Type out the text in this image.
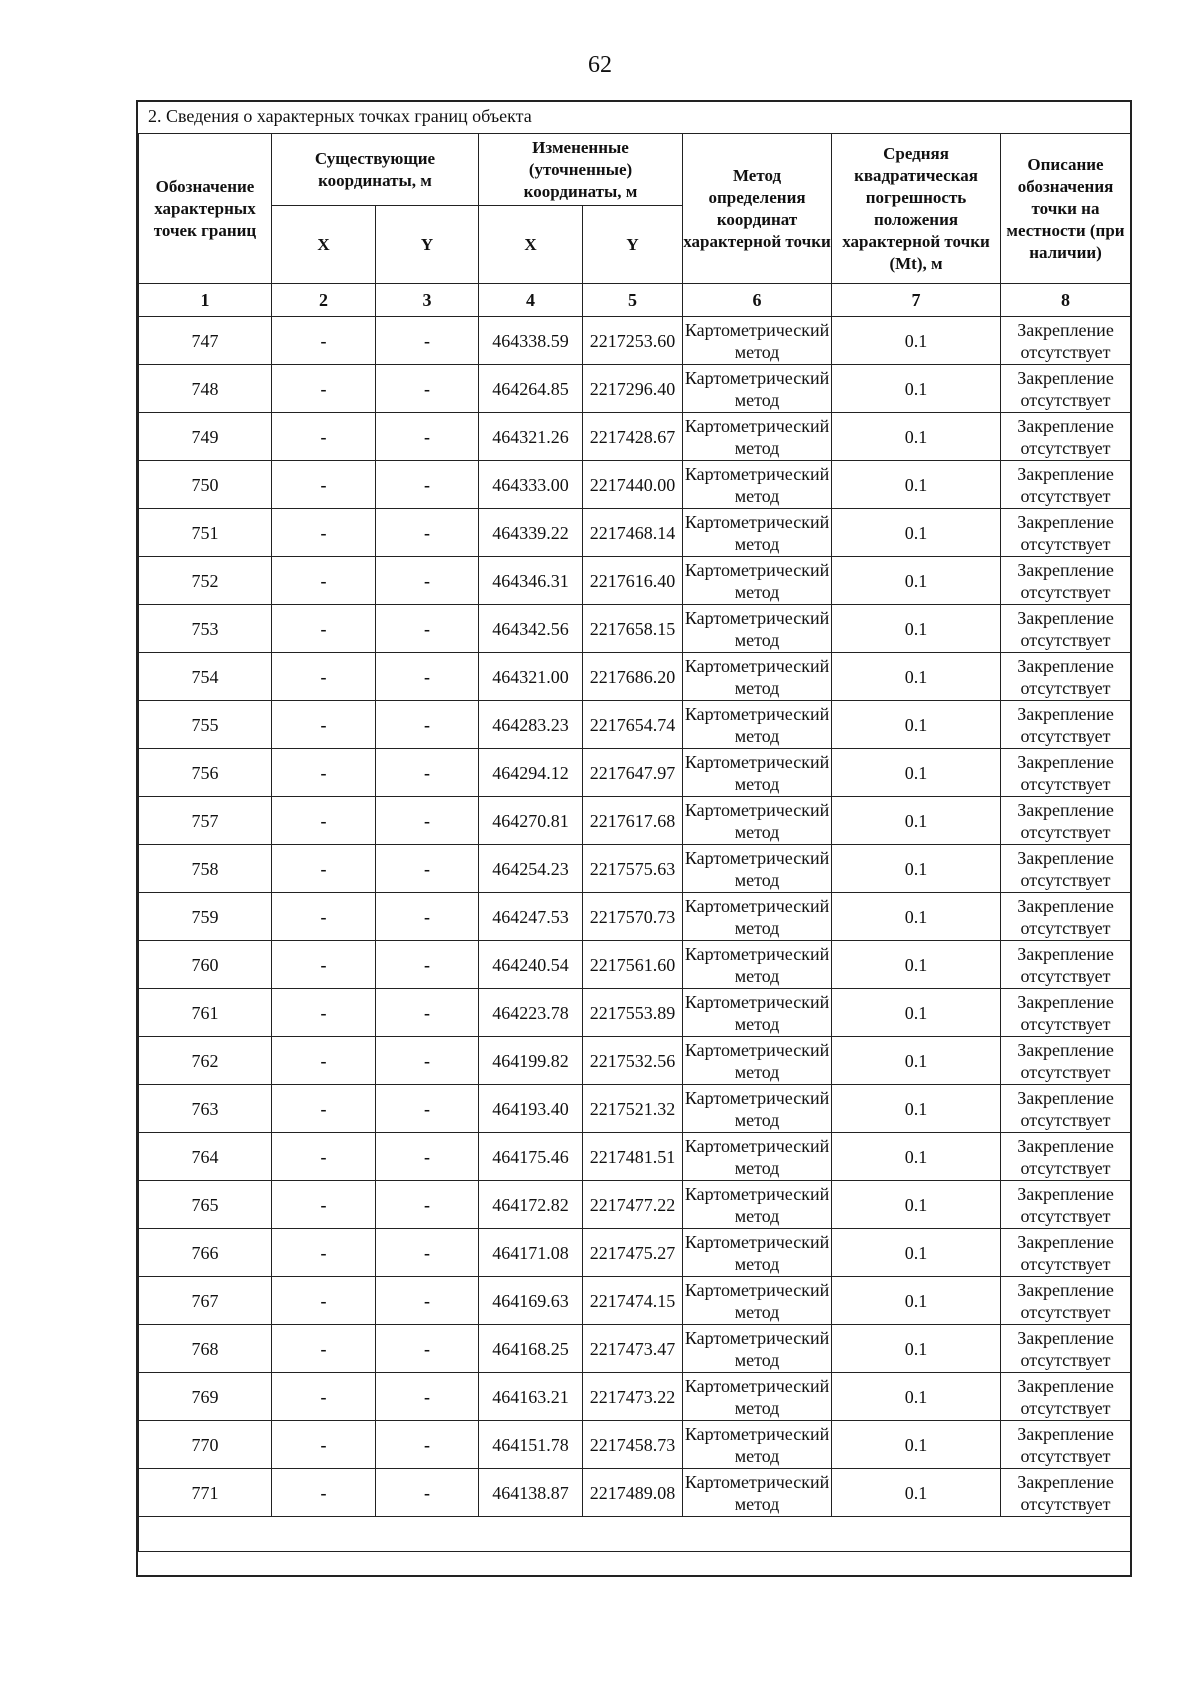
62
2. Сведения о характерных точках границ объекта
Обозначение характерных точек границ	Существующие координаты, м		Измененные (уточненные) координаты, м		Метод определения координат характерной точки	Средняя квадратическая погрешность положения характерной точки (Mt), м	Описание обозначения точки на местности (при наличии)
	X	Y	X	Y			
1	2	3	4	5	6	7	8
747	-	-	464338.59	2217253.60	Картометрический метод	0.1	Закрепление отсутствует
748	-	-	464264.85	2217296.40	Картометрический метод	0.1	Закрепление отсутствует
749	-	-	464321.26	2217428.67	Картометрический метод	0.1	Закрепление отсутствует
750	-	-	464333.00	2217440.00	Картометрический метод	0.1	Закрепление отсутствует
751	-	-	464339.22	2217468.14	Картометрический метод	0.1	Закрепление отсутствует
752	-	-	464346.31	2217616.40	Картометрический метод	0.1	Закрепление отсутствует
753	-	-	464342.56	2217658.15	Картометрический метод	0.1	Закрепление отсутствует
754	-	-	464321.00	2217686.20	Картометрический метод	0.1	Закрепление отсутствует
755	-	-	464283.23	2217654.74	Картометрический метод	0.1	Закрепление отсутствует
756	-	-	464294.12	2217647.97	Картометрический метод	0.1	Закрепление отсутствует
757	-	-	464270.81	2217617.68	Картометрический метод	0.1	Закрепление отсутствует
758	-	-	464254.23	2217575.63	Картометрический метод	0.1	Закрепление отсутствует
759	-	-	464247.53	2217570.73	Картометрический метод	0.1	Закрепление отсутствует
760	-	-	464240.54	2217561.60	Картометрический метод	0.1	Закрепление отсутствует
761	-	-	464223.78	2217553.89	Картометрический метод	0.1	Закрепление отсутствует
762	-	-	464199.82	2217532.56	Картометрический метод	0.1	Закрепление отсутствует
763	-	-	464193.40	2217521.32	Картометрический метод	0.1	Закрепление отсутствует
764	-	-	464175.46	2217481.51	Картометрический метод	0.1	Закрепление отсутствует
765	-	-	464172.82	2217477.22	Картометрический метод	0.1	Закрепление отсутствует
766	-	-	464171.08	2217475.27	Картометрический метод	0.1	Закрепление отсутствует
767	-	-	464169.63	2217474.15	Картометрический метод	0.1	Закрепление отсутствует
768	-	-	464168.25	2217473.47	Картометрический метод	0.1	Закрепление отсутствует
769	-	-	464163.21	2217473.22	Картометрический метод	0.1	Закрепление отсутствует
770	-	-	464151.78	2217458.73	Картометрический метод	0.1	Закрепление отсутствует
771	-	-	464138.87	2217489.08	Картометрический метод	0.1	Закрепление отсутствует
